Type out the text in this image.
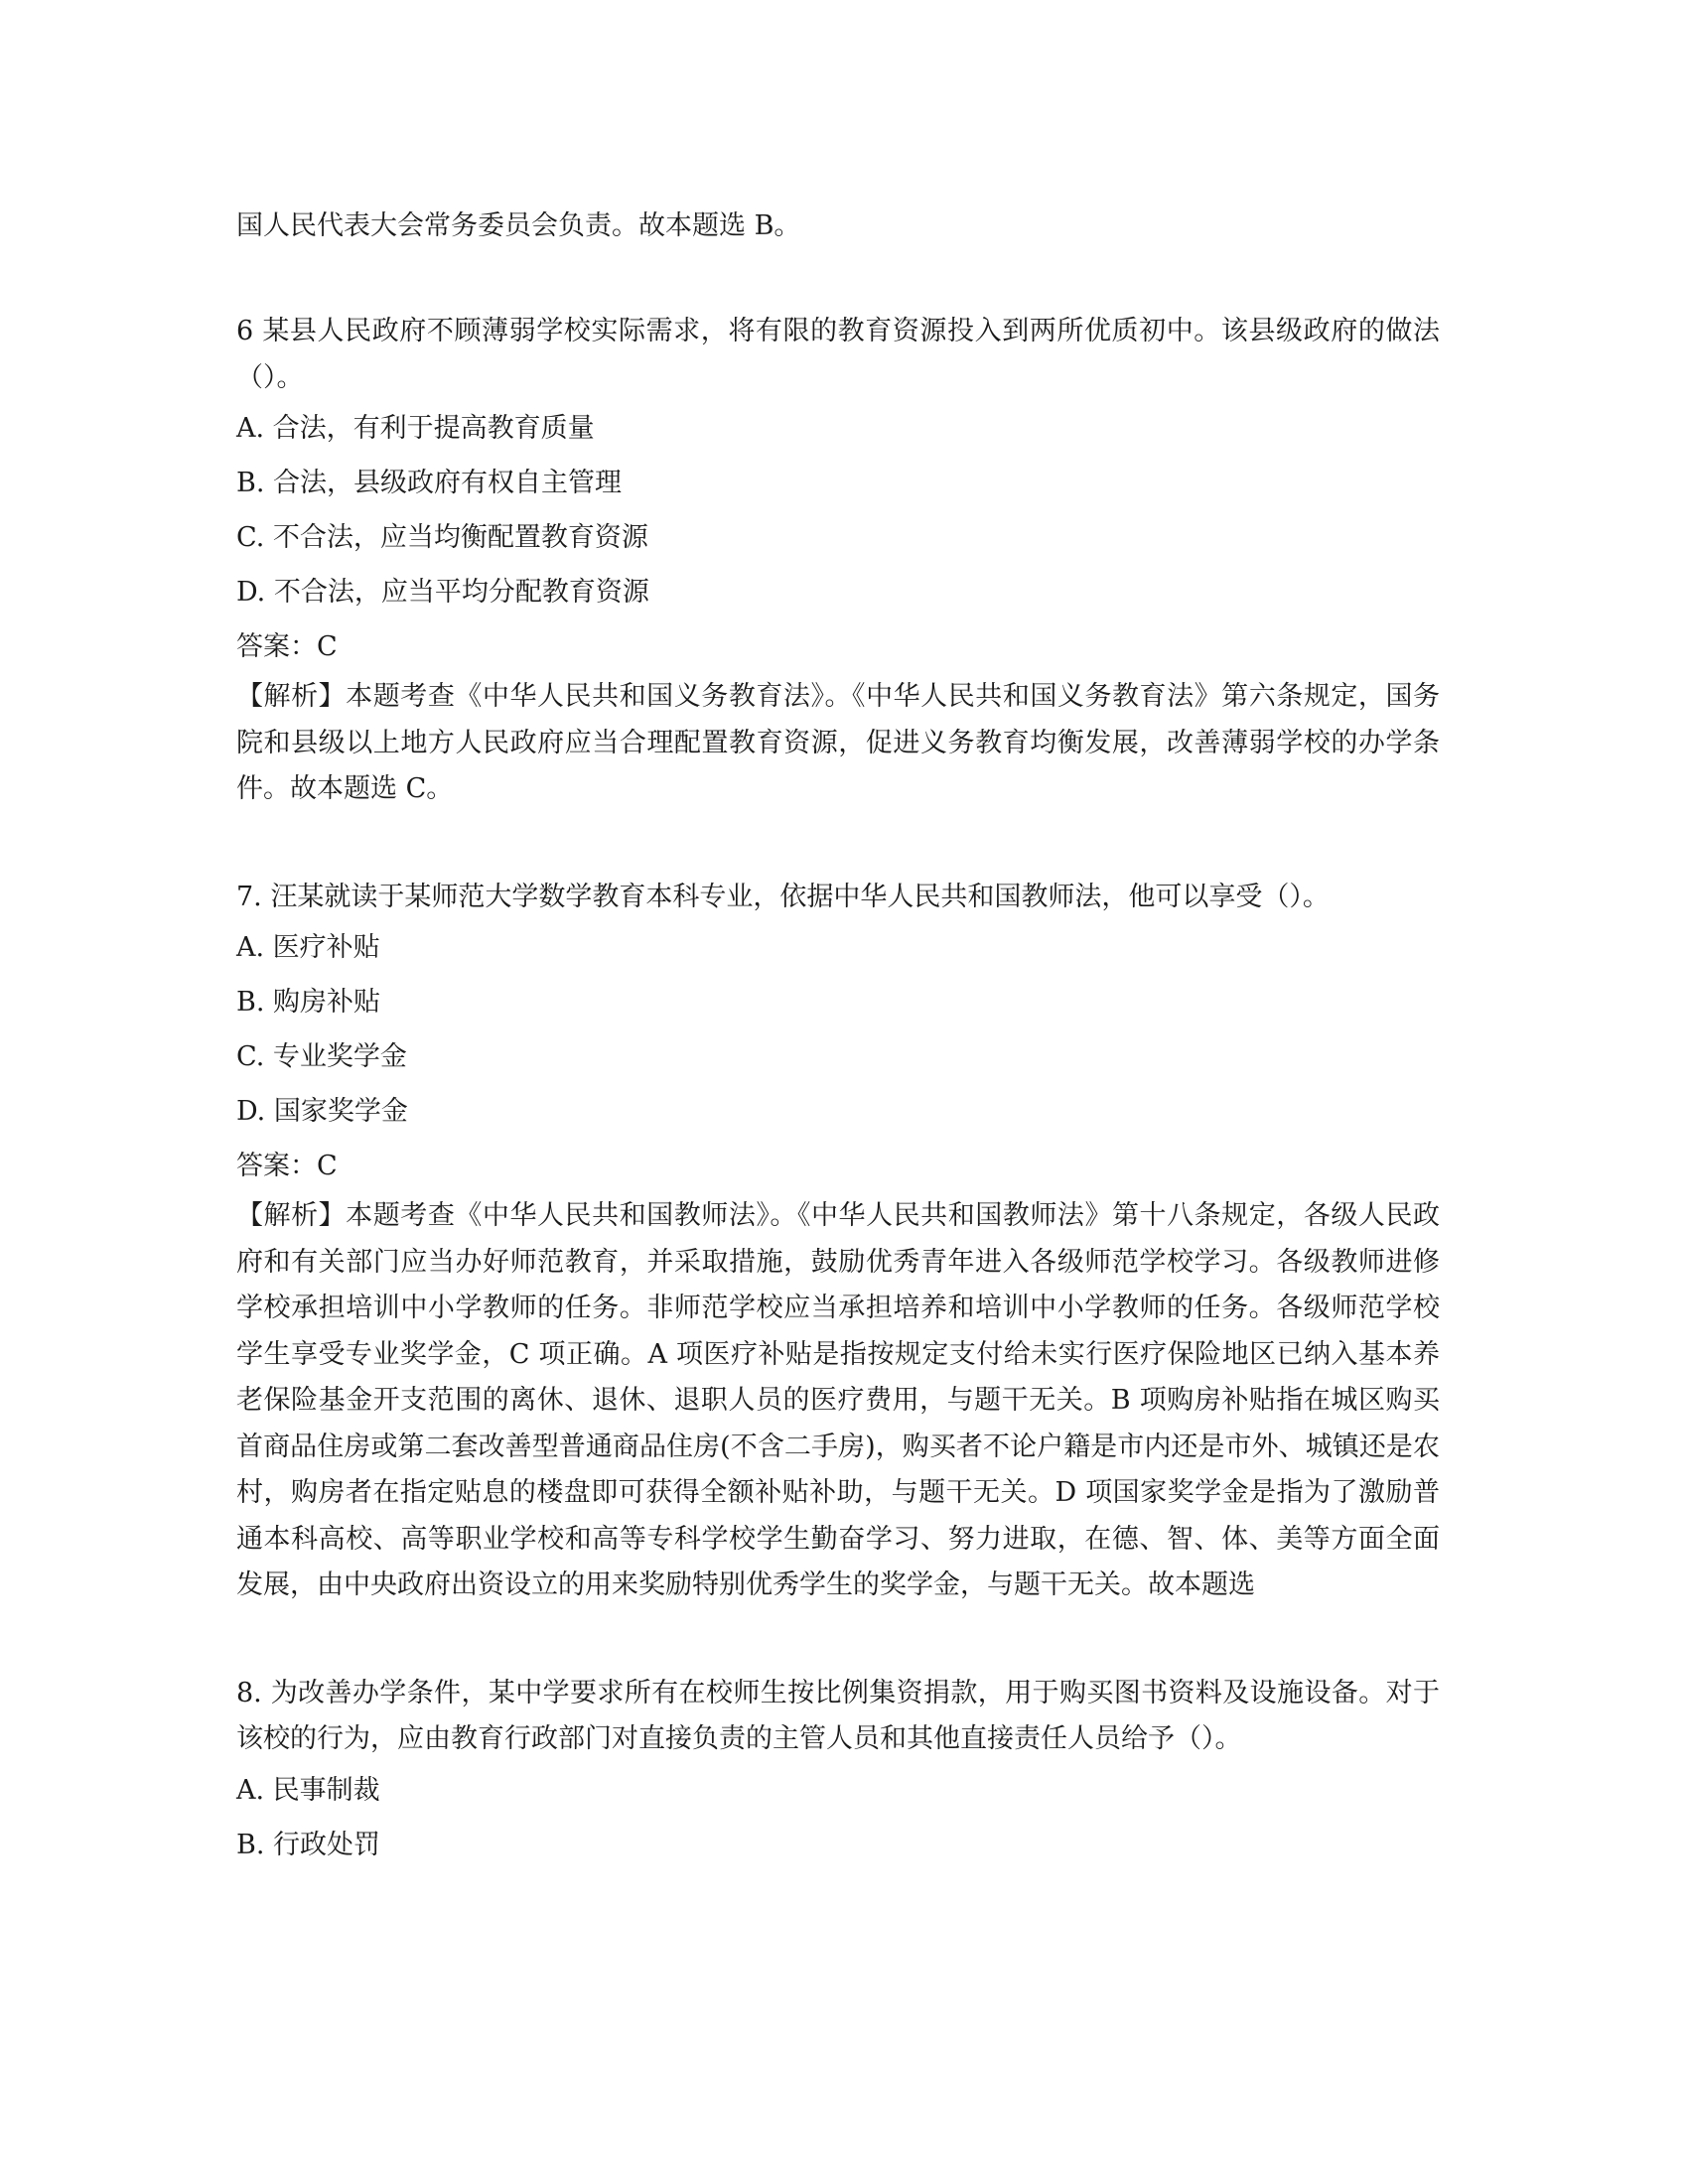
国人民代表大会常务委员会负责。故本题选 B。

6 某县人民政府不顾薄弱学校实际需求，将有限的教育资源投入到两所优质初中。该县级政府的做法（）。

A. 合法，有利于提高教育质量
B. 合法，县级政府有权自主管理
C. 不合法，应当均衡配置教育资源
D. 不合法，应当平均分配教育资源
答案：C

【解析】本题考查《中华人民共和国义务教育法》。《中华人民共和国义务教育法》第六条规定，国务院和县级以上地方人民政府应当合理配置教育资源，促进义务教育均衡发展，改善薄弱学校的办学条件。故本题选 C。

7. 汪某就读于某师范大学数学教育本科专业，依据中华人民共和国教师法，他可以享受（）。

A. 医疗补贴
B. 购房补贴
C. 专业奖学金
D. 国家奖学金
答案：C

【解析】本题考查《中华人民共和国教师法》。《中华人民共和国教师法》第十八条规定，各级人民政府和有关部门应当办好师范教育，并采取措施，鼓励优秀青年进入各级师范学校学习。各级教师进修学校承担培训中小学教师的任务。非师范学校应当承担培养和培训中小学教师的任务。各级师范学校学生享受专业奖学金，C 项正确。A 项医疗补贴是指按规定支付给未实行医疗保险地区已纳入基本养老保险基金开支范围的离休、退休、退职人员的医疗费用，与题干无关。B 项购房补贴指在城区购买首商品住房或第二套改善型普通商品住房(不含二手房)，购买者不论户籍是市内还是市外、城镇还是农村，购房者在指定贴息的楼盘即可获得全额补贴补助，与题干无关。D 项国家奖学金是指为了激励普通本科高校、高等职业学校和高等专科学校学生勤奋学习、努力进取，在德、智、体、美等方面全面发展，由中央政府出资设立的用来奖励特别优秀学生的奖学金，与题干无关。故本题选

8. 为改善办学条件，某中学要求所有在校师生按比例集资捐款，用于购买图书资料及设施设备。对于该校的行为，应由教育行政部门对直接负责的主管人员和其他直接责任人员给予（）。

A. 民事制裁
B. 行政处罚
